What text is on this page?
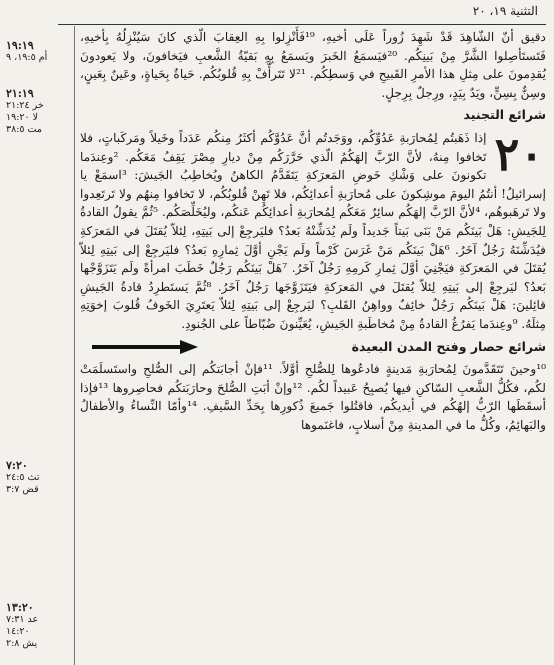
التثنية ١٩، ٢٠
١٩:١٩
أم ١٩:٥، ٩
٢١:١٩
خر ٢١:٢٤
لا ١٩:٢٠
مت ٣٨:٥
٧:٢٠
تث ٢٤:٥
قض ٣:٧
١٣:٢٠
عد ٧:٣١
١٤:٢٠
يش ٢:٨

دقيق أنّ الشّاهِدَ قَدْ شَهِدَ زُوراً عَلَى أخيهِ، ¹⁹فَأَنْزِلوا بِهِ العِقابَ الّذي كانَ سَيُنْزِلُهُ بِأخيهِ، فَتَستَأصِلوا الشَّرَّ مِنْ بَينِكُم. ²⁰فيَسمَعُ الخَبرَ ويَسمَعُ بِهِ بَقيّةُ الشَّعبِ فيَخافونَ، ولا يَعودونَ يُقدِمونَ على مِثلِ هذا الأمرِ القَبيحِ في وَسطِكُم. ²¹لا تَتَرأَّفْ بِهِ قُلوبُكُم. حَياةٌ بِحَياةٍ، وعَينٌ بِعَينٍ، وسِنٌّ بِسِنٍّ، ويَدٌ بِيَدٍ، ورِجلٌ بِرِجلٍ.

شرائع التجنيد
٢٠

إذا ذَهَبتُم لِمُحارَبةِ عَدُوِّكُم، ووَجَدتُم أنَّ عَدُوَّكُم أكثَرُ مِنكُم عَدَداً وخَيلاً ومَركَباتٍ، فلا تَخافوا مِنهُ، لأنَّ الرّبَّ إلهَكُمُ الّذي حَرَّرَكُم مِنْ ديارِ مِصْرَ يَقِفُ مَعَكُم. ²وعِندَما تكونونَ على وَشْكِ خَوضِ المَعرَكةِ يَتَقَدَّمُ الكاهنُ ويُخاطِبُ الجَيشَ: ³اسمَعْ يا إسرائيلُ! أنتُمُ اليومَ موشِكونَ على مُحارَبةِ أعدائِكُم، فلا تَهِنْ قُلوبُكُم، لا تَخافوا مِنهُم ولا تَرتَعِدوا ولا تَرهَبوهُم، ⁴لأنَّ الرّبَّ إلهَكُم سائِرٌ مَعَكُم لِمُحارَبةِ أعدائِكُم عَنكُم، وليُخَلِّصَكُم. ⁵ثُمَّ يقولُ القادةُ لِلجَيشِ: هَلْ بَينَكُم مَنْ بَنَى بَيتاً جَديداً ولَم يُدَشِّنْهُ بَعدُ؟ فليَرجِعْ إلى بَيتِهِ، لِئلاّ يُقتَلَ في المَعرَكةِ فيُدَشِّنَهُ رَجُلٌ آخَرُ. ⁶هَلْ بَينَكُم مَنْ غَرَسَ كَرْماً ولَم يَجْنِ أوَّلَ ثِمارِهِ بَعدُ؟ فليَرجِعْ إلى بَيتِهِ لِئلاّ يُقتَلَ في المَعرَكةِ فيَجْنِيَ أوَّلَ ثِمارِ كَرمِهِ رَجُلٌ آخَرُ. ⁷هَلْ بَينَكُم رَجُلٌ خَطَبَ امرأةً ولَم يَتَزَوَّجْها بَعدُ؟ ليَرجِعْ إلى بَيتِهِ لِئلاّ يُقتَلَ في المَعرَكةِ فيَتَزَوَّجَها رَجُلٌ آخَرُ. ⁸ثُمَّ يَستَطرِدُ قادةُ الجَيشِ قائِلينَ: هَلْ بَينَكُم رَجُلٌ خائِفٌ وواهِنُ القَلبِ؟ ليَرجِعْ إلى بَيتِهِ لِئلاّ يَعتَرِيَ الخَوفُ قُلوبَ إخوَتِهِ مِثلَهُ. ⁹وعِندَما يَفرُغُ القادةُ مِنْ مُخاطَبةِ الجَيشِ، يُعَيِّنونَ ضُبّاطاً على الجُنودِ.

شرائع حصار وفتح المدن البعيدة

¹⁰وحينَ تَتَقَدَّمونَ لِمُحارَبةِ مَدينةٍ فادعُوها لِلصُّلحِ أوَّلاً. ¹¹فإنْ أجابَتكُم إلى الصُّلحِ واستَسلَمَتْ لكُم، فكُلُّ الشَّعبِ السّاكنِ فيها يُصبِحُ عَبيداً لكُم. ¹²وإنْ أبَتِ الصُّلحَ وحارَبَتكُم فحاصِروها ¹³فإذا أسقَطَها الرّبُّ إلهُكُم في أيديكُم، فاقتُلوا جَميعَ ذُكورِها بِحَدِّ السَّيفِ. ¹⁴وأمّا النِّساءُ والأطفالُ والبَهائِمُ، وكُلُّ ما في المدينةِ مِنْ أسلابٍ، فاغنَموها
